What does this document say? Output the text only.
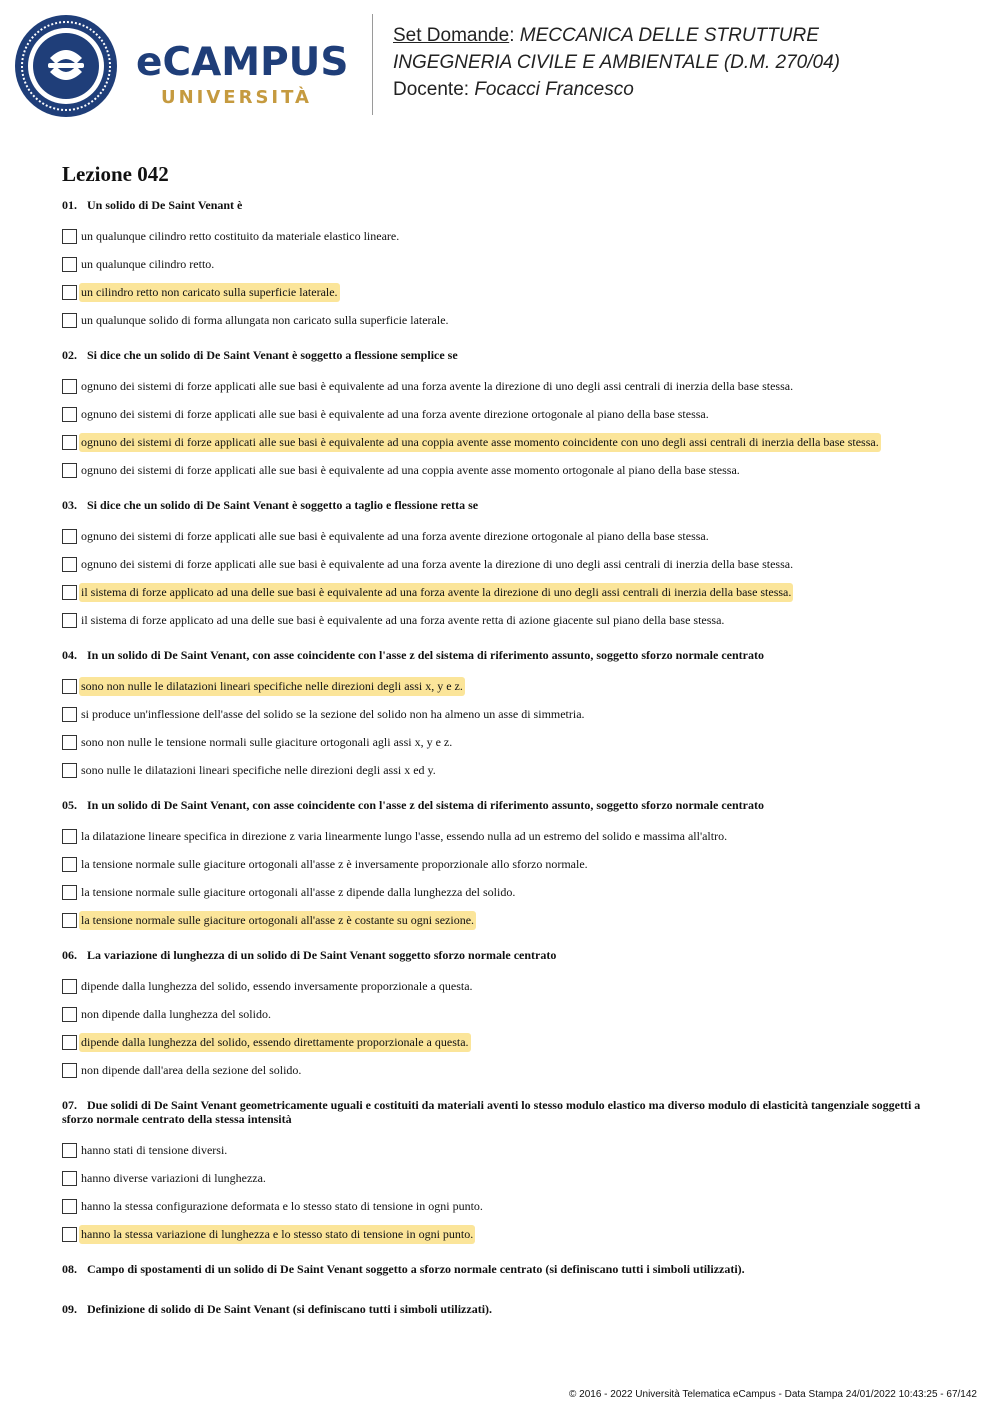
eCAMPUS
UNIVERSITÀ
Set Domande: MECCANICA DELLE STRUTTURE
INGEGNERIA CIVILE E AMBIENTALE (D.M. 270/04)
Docente: Focacci Francesco
Lezione 042
01. Un solido di De Saint Venant è
un qualunque cilindro retto costituito da materiale elastico lineare.
un qualunque cilindro retto.
un cilindro retto non caricato sulla superficie laterale.
un qualunque solido di forma allungata non caricato sulla superficie laterale.
02. Si dice che un solido di De Saint Venant è soggetto a flessione semplice se
ognuno dei sistemi di forze applicati alle sue basi è equivalente ad una forza avente la direzione di uno degli assi centrali di inerzia della base stessa.
ognuno dei sistemi di forze applicati alle sue basi è equivalente ad una forza avente direzione ortogonale al piano della base stessa.
ognuno dei sistemi di forze applicati alle sue basi è equivalente ad una coppia avente asse momento coincidente con uno degli assi centrali di inerzia della base stessa.
ognuno dei sistemi di forze applicati alle sue basi è equivalente ad una coppia avente asse momento ortogonale al piano della base stessa.
03. Si dice che un solido di De Saint Venant è soggetto a taglio e flessione retta se
ognuno dei sistemi di forze applicati alle sue basi è equivalente ad una forza avente direzione ortogonale al piano della base stessa.
ognuno dei sistemi di forze applicati alle sue basi è equivalente ad una forza avente la direzione di uno degli assi centrali di inerzia della base stessa.
il sistema di forze applicato ad una delle sue basi è equivalente ad una forza avente la direzione di uno degli assi centrali di inerzia della base stessa.
il sistema di forze applicato ad una delle sue basi è equivalente ad una forza avente retta di azione giacente sul piano della base stessa.
04. In un solido di De Saint Venant, con asse coincidente con l'asse z del sistema di riferimento assunto, soggetto sforzo normale centrato
sono non nulle le dilatazioni lineari specifiche nelle direzioni degli assi x, y e z.
si produce un'inflessione dell'asse del solido se la sezione del solido non ha almeno un asse di simmetria.
sono non nulle le tensione normali sulle giaciture ortogonali agli assi x, y e z.
sono nulle le dilatazioni lineari specifiche nelle direzioni degli assi x ed y.
05. In un solido di De Saint Venant, con asse coincidente con l'asse z del sistema di riferimento assunto, soggetto sforzo normale centrato
la dilatazione lineare specifica in direzione z varia linearmente lungo l'asse, essendo nulla ad un estremo del solido e massima all'altro.
la tensione normale sulle giaciture ortogonali all'asse z è inversamente proporzionale allo sforzo normale.
la tensione normale sulle giaciture ortogonali all'asse z dipende dalla lunghezza del solido.
la tensione normale sulle giaciture ortogonali all'asse z è costante su ogni sezione.
06. La variazione di lunghezza di un solido di De Saint Venant soggetto sforzo normale centrato
dipende dalla lunghezza del solido, essendo inversamente proporzionale a questa.
non dipende dalla lunghezza del solido.
dipende dalla lunghezza del solido, essendo direttamente proporzionale a questa.
non dipende dall'area della sezione del solido.
07. Due solidi di De Saint Venant geometricamente uguali e costituiti da materiali aventi lo stesso modulo elastico ma diverso modulo di elasticità tangenziale soggetti a sforzo normale centrato della stessa intensità
hanno stati di tensione diversi.
hanno diverse variazioni di lunghezza.
hanno la stessa configurazione deformata e lo stesso stato di tensione in ogni punto.
hanno la stessa variazione di lunghezza e lo stesso stato di tensione in ogni punto.
08. Campo di spostamenti di un solido di De Saint Venant soggetto a sforzo normale centrato (si definiscano tutti i simboli utilizzati).
09. Definizione di solido di De Saint Venant (si definiscano tutti i simboli utilizzati).
© 2016 - 2022 Università Telematica eCampus - Data Stampa 24/01/2022 10:43:25 - 67/142
